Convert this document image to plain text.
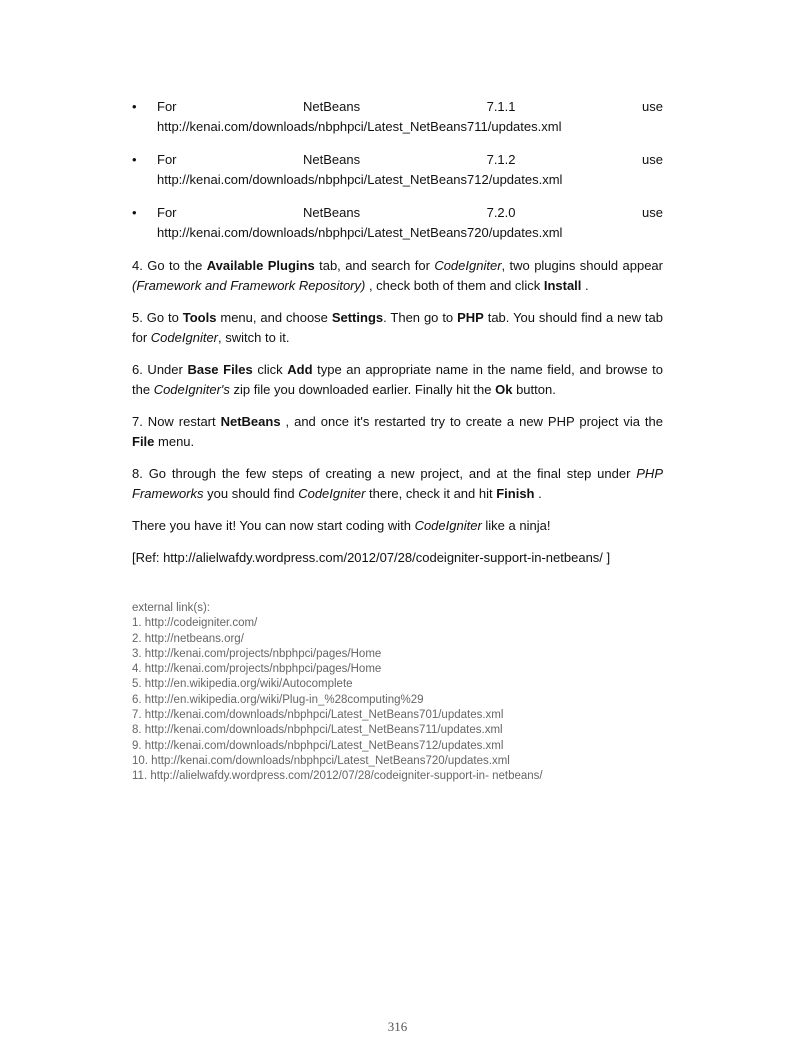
• For	NetBeans	7.1.1	use
http://kenai.com/downloads/nbphpci/Latest_NetBeans711/updates.xml
• For	NetBeans	7.1.2	use
http://kenai.com/downloads/nbphpci/Latest_NetBeans712/updates.xml
• For	NetBeans	7.2.0	use
http://kenai.com/downloads/nbphpci/Latest_NetBeans720/updates.xml

4. Go to the Available Plugins tab, and search for CodeIgniter, two plugins should appear (Framework and Framework Repository) , check both of them and click Install .

5. Go to Tools menu, and choose Settings. Then go to PHP tab. You should find a new tab for CodeIgniter, switch to it.

6. Under Base Files click Add type an appropriate name in the name field, and browse to the CodeIgniter's zip file you downloaded earlier. Finally hit the Ok button.

7. Now restart NetBeans , and once it's restarted try to create a new PHP project via the File menu.

8. Go through the few steps of creating a new project, and at the final step under PHP Frameworks you should find CodeIgniter there, check it and hit Finish .

There you have it! You can now start coding with CodeIgniter like a ninja!

[Ref: http://alielwafdy.wordpress.com/2012/07/28/codeigniter-support-in-netbeans/ ]

external link(s):
1. http://codeigniter.com/
2. http://netbeans.org/
3. http://kenai.com/projects/nbphpci/pages/Home
4. http://kenai.com/projects/nbphpci/pages/Home
5. http://en.wikipedia.org/wiki/Autocomplete
6. http://en.wikipedia.org/wiki/Plug-in_%28computing%29
7. http://kenai.com/downloads/nbphpci/Latest_NetBeans701/updates.xml
8. http://kenai.com/downloads/nbphpci/Latest_NetBeans711/updates.xml
9. http://kenai.com/downloads/nbphpci/Latest_NetBeans712/updates.xml
10. http://kenai.com/downloads/nbphpci/Latest_NetBeans720/updates.xml
11. http://alielwafdy.wordpress.com/2012/07/28/codeigniter-support-in- netbeans/
316
